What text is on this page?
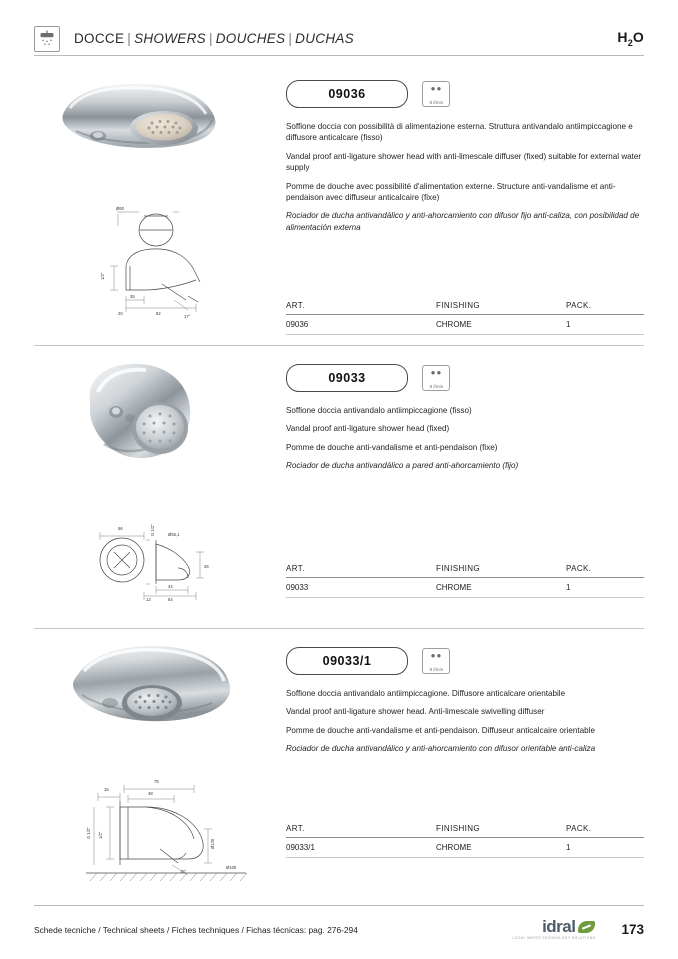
DOCCE | SHOWERS | DOUCHES | DUCHAS	$H_2O$
Ø60
1/2"
35
20	82
17°
09036	●●
8 l/min

Soffione doccia con possibilità di alimentazione esterna. Struttura antivandalo antiimpiccagione e diffusore anticalcare (fisso)

Vandal proof anti-ligature shower head with anti-limescale diffuser (fixed) suitable for external water supply

Pomme de douche avec possibilité d'alimentation externe. Structure anti-vandalisme et anti-pendaison avec diffuseur anticalcaire (fixe)

Rociador de ducha antivandálico y anti-ahorcamiento con difusor fijo anti-caliza, con posibilidad de alimentación externa

ART.	FINISHING	PACK.
09036	CHROME	1
56	G 1/2"	Ø55,1
26
42
12	54
09033	●●
8 l/min

Soffione doccia antivandalo antiimpiccagione (fisso)

Vandal proof anti-ligature shower head (fixed)

Pomme de douche anti-vandalisme et anti-pendaison (fixe)

Rociador de ducha antivandálico a pared anti-ahorcamiento (fijo)

ART.	FINISHING	PACK.
09033	CHROME	1
15
75
48
G 1/2" 1/2"
Ø120
Ø100
15°
09033/1	●●
8 l/min

Soffione doccia antivandalo antiimpiccagione. Diffusore anticalcare orientabile

Vandal proof anti-ligature shower head. Anti-limescale swivelling diffuser

Pomme de douche anti-vandalisme et anti-pendaison. Diffuseur anticalcaire orientable

Rociador de ducha antivandálico y anti-ahorcamiento con difusor orientable anti-caliza

ART.	FINISHING	PACK.
09033/1	CHROME	1
Schede tecniche / Technical sheets / Fiches techniques / Fichas técnicas: pag. 276-294	idral
LOCAL WATER TECHNOLOGY SOLUTIONS
173
